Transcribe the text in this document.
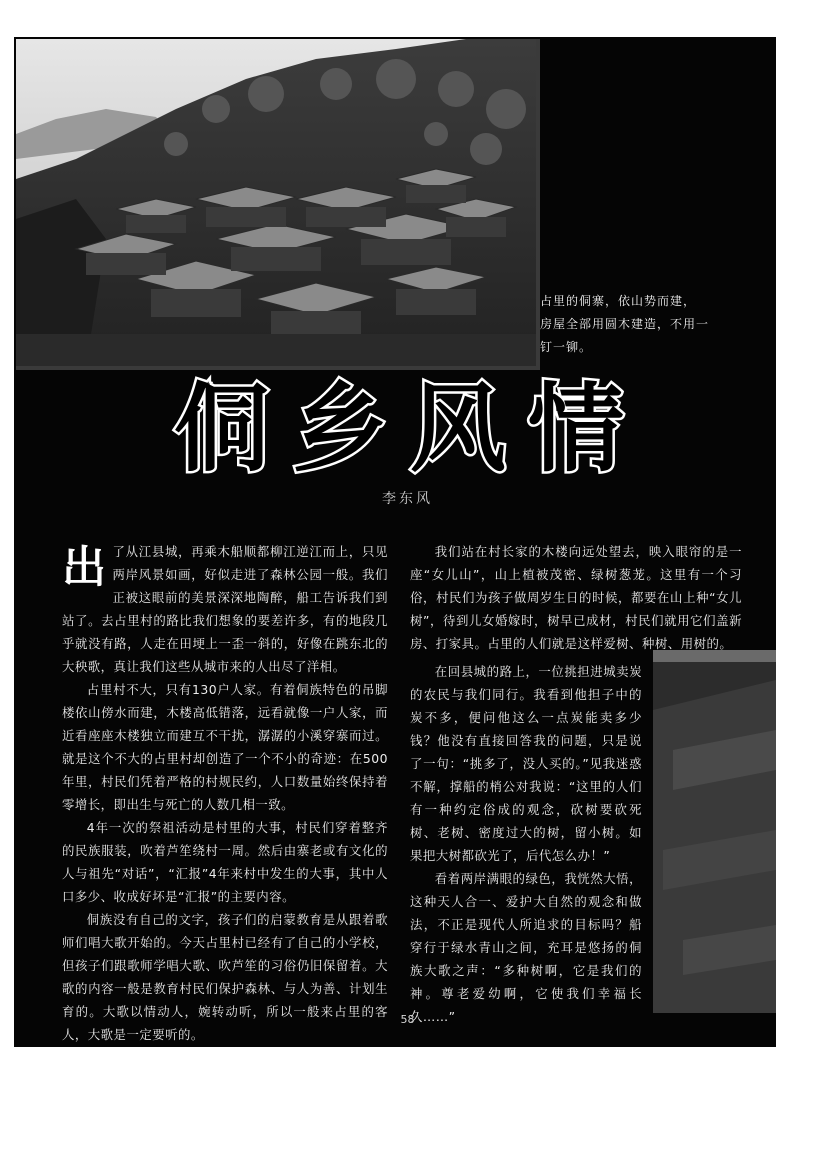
占里的侗寨，依山势而建，

房屋全部用圆木建造，不用一

钉一铆。

侗乡风情
李东风

出了从江县城，再乘木船顺都柳江逆江而上，只见两岸风景如画，好似走进了森林公园一般。我们正被这眼前的美景深深地陶醉，船工告诉我们到站了。去占里村的路比我们想象的要差许多，有的地段几乎就没有路，人走在田埂上一歪一斜的，好像在跳东北的大秧歌，真让我们这些从城市来的人出尽了洋相。

占里村不大，只有130户人家。有着侗族特色的吊脚楼依山傍水而建，木楼高低错落，远看就像一户人家，而近看座座木楼独立而建互不干扰，潺潺的小溪穿寨而过。就是这个不大的占里村却创造了一个不小的奇迹：在500年里，村民们凭着严格的村规民约，人口数量始终保持着零增长，即出生与死亡的人数几相一致。

4年一次的祭祖活动是村里的大事，村民们穿着整齐的民族服装，吹着芦笙绕村一周。然后由寨老或有文化的人与祖先“对话”，“汇报”4年来村中发生的大事，其中人口多少、收成好坏是“汇报”的主要内容。

侗族没有自己的文字，孩子们的启蒙教育是从跟着歌师们唱大歌开始的。今天占里村已经有了自己的小学校，但孩子们跟歌师学唱大歌、吹芦笙的习俗仍旧保留着。大歌的内容一般是教育村民们保护森林、与人为善、计划生育的。大歌以情动人，婉转动听，所以一般来占里的客人，大歌是一定要听的。

我们站在村长家的木楼向远处望去，映入眼帘的是一座“女儿山”，山上植被茂密、绿树葱茏。这里有一个习俗，村民们为孩子做周岁生日的时候，都要在山上种“女儿树”，待到儿女婚嫁时，树早已成材，村民们就用它们盖新房、打家具。占里的人们就是这样爱树、种树、用树的。

在回县城的路上，一位挑担进城卖炭的农民与我们同行。我看到他担子中的炭不多，便问他这么一点炭能卖多少钱？他没有直接回答我的问题，只是说了一句：“挑多了，没人买的。”见我迷惑不解，撑船的梢公对我说：“这里的人们有一种约定俗成的观念，砍树要砍死树、老树、密度过大的树，留小树。如果把大树都砍光了，后代怎么办！”

看着两岸满眼的绿色，我恍然大悟，这种天人合一、爱护大自然的观念和做法，不正是现代人所追求的目标吗？船穿行于绿水青山之间，充耳是悠扬的侗族大歌之声：“多种树啊，它是我们的神。尊老爱幼啊，它使我们幸福长久……”

58
